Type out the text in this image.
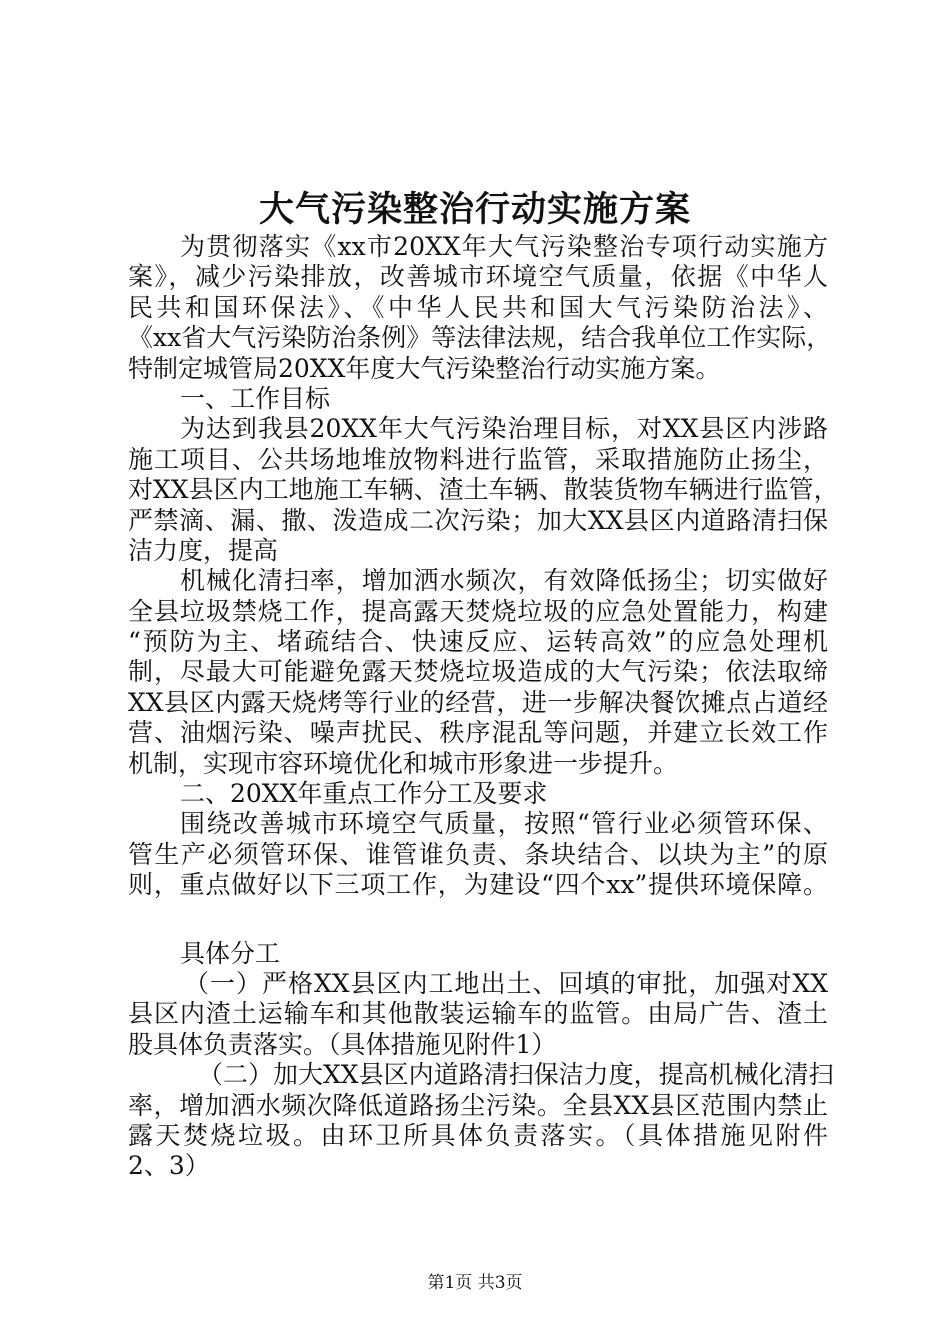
大气污染整治行动实施方案
为贯彻落实《xx市20XX年大气污染整治专项行动实施方
案》，减少污染排放，改善城市环境空气质量，依据《中华人
民共和国环保法》、《中华人民共和国大气污染防治法》、
《xx省大气污染防治条例》等法律法规，结合我单位工作实际，
特制定城管局20XX年度大气污染整治行动实施方案。
一、工作目标
为达到我县20XX年大气污染治理目标，对XX县区内涉路
施工项目、公共场地堆放物料进行监管，采取措施防止扬尘，
对XX县区内工地施工车辆、渣土车辆、散装货物车辆进行监管，
严禁滴、漏、撒、泼造成二次污染；加大XX县区内道路清扫保
洁力度，提高
机械化清扫率，增加洒水频次，有效降低扬尘；切实做好
全县垃圾禁烧工作，提高露天焚烧垃圾的应急处置能力，构建
“预防为主、堵疏结合、快速反应、运转高效”的应急处理机
制，尽最大可能避免露天焚烧垃圾造成的大气污染；依法取缔
XX县区内露天烧烤等行业的经营，进一步解决餐饮摊点占道经
营、油烟污染、噪声扰民、秩序混乱等问题，并建立长效工作
机制，实现市容环境优化和城市形象进一步提升。
二、20XX年重点工作分工及要求
围绕改善城市环境空气质量，按照“管行业必须管环保、
管生产必须管环保、谁管谁负责、条块结合、以块为主”的原
则，重点做好以下三项工作，为建设“四个xx”提供环境保障。
具体分工
（一）严格XX县区内工地出土、回填的审批，加强对XX
县区内渣土运输车和其他散装运输车的监管。由局广告、渣土
股具体负责落实。（具体措施见附件1）
（二）加大XX县区内道路清扫保洁力度，提高机械化清扫
率，增加洒水频次降低道路扬尘污染。全县XX县区范围内禁止
露天焚烧垃圾。由环卫所具体负责落实。（具体措施见附件
2、3）
第1页 共3页
